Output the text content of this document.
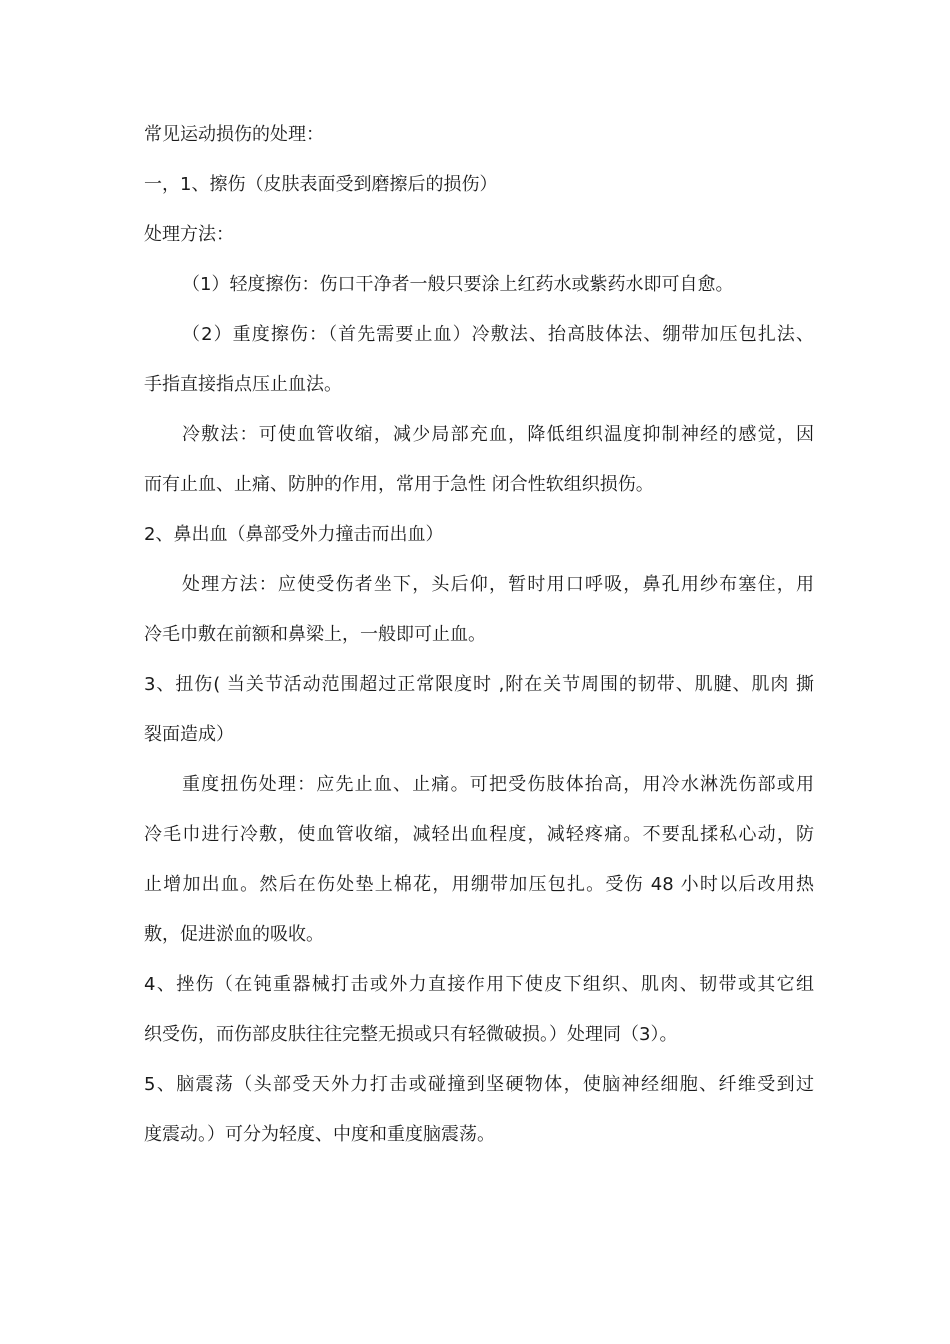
常见运动损伤的处理：
一，1、擦伤（皮肤表面受到磨擦后的损伤）
处理方法：
（1）轻度擦伤：伤口干净者一般只要涂上红药水或紫药水即可自愈。
（2）重度擦伤：（首先需要止血）冷敷法、抬高肢体法、绷带加压包扎法、
手指直接指点压止血法。
冷敷法：可使血管收缩，减少局部充血，降低组织温度抑制神经的感觉，因
而有止血、止痛、防肿的作用，常用于急性 闭合性软组织损伤。
2、鼻出血（鼻部受外力撞击而出血）
处理方法：应使受伤者坐下，头后仰，暂时用口呼吸，鼻孔用纱布塞住，用
冷毛巾敷在前额和鼻梁上，一般即可止血。
3、扭伤( 当关节活动范围超过正常限度时 ,附在关节周围的韧带、肌腱、肌肉 撕
裂面造成）
重度扭伤处理：应先止血、止痛。可把受伤肢体抬高，用冷水淋洗伤部或用
冷毛巾进行冷敷，使血管收缩，减轻出血程度，减轻疼痛。不要乱揉私心动，防
止增加出血。然后在伤处垫上棉花，用绷带加压包扎。受伤 48 小时以后改用热
敷，促进淤血的吸收。
4、挫伤（在钝重器械打击或外力直接作用下使皮下组织、肌肉、韧带或其它组
织受伤，而伤部皮肤往往完整无损或只有轻微破损。）处理同（3）。
5、脑震荡（头部受天外力打击或碰撞到坚硬物体，使脑神经细胞、纤维受到过
度震动。）可分为轻度、中度和重度脑震荡。
